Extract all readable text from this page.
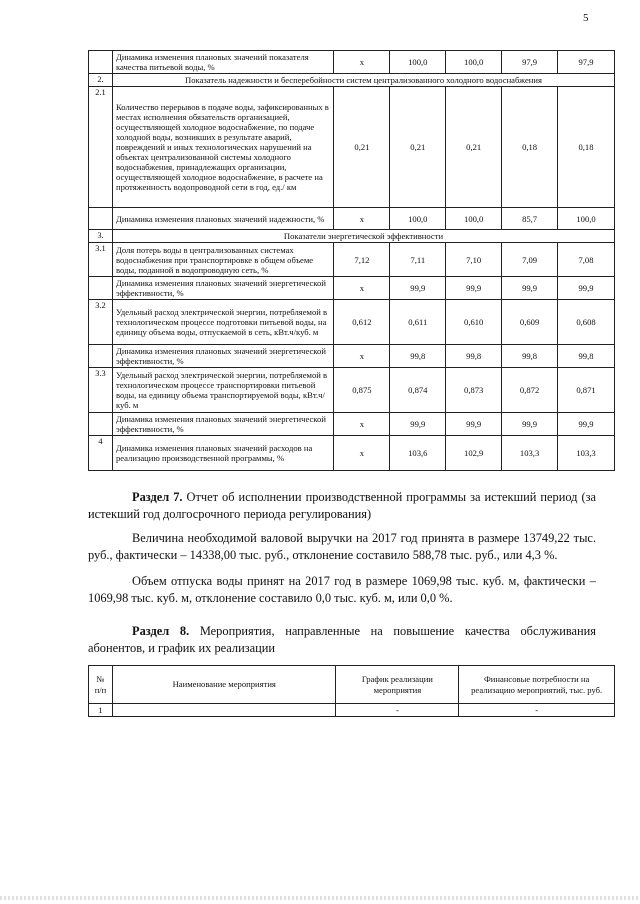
5
	Динамика изменения плановых значений показателя качества питьевой воды, %	х	100,0	100,0	97,9	97,9
2.	Показатель надежности и бесперебойности систем централизованного холодного водоснабжения					
2.1	Количество перерывов в подаче воды, зафиксированных в местах исполнения обязательств организацией, осуществляющей холодное водоснабжение, по подаче холодной воды, возникших в результате аварий, повреждений и иных технологических нарушений на объектах централизованной системы холодного водоснабжения, принадлежащих организации, осуществляющей холодное водоснабжение, в расчете на протяженность водопроводной сети в год, ед./ км	0,21	0,21	0,21	0,18	0,18
	Динамика изменения плановых значений надежности, %	х	100,0	100,0	85,7	100,0
3.	Показатели энергетической эффективности					
3.1	Доля потерь воды в централизованных системах водоснабжения при транспортировке в общем объеме воды, поданной в водопроводную сеть, %	7,12	7,11	7,10	7,09	7,08
	Динамика изменения плановых значений энергетической эффективности, %	х	99,9	99,9	99,9	99,9
3.2	Удельный расход электрической энергии, потребляемой в технологическом процессе подготовки питьевой воды, на единицу объема воды, отпускаемой в сеть, кВт.ч/куб. м	0,612	0,611	0,610	0,609	0,608
	Динамика изменения плановых значений энергетической эффективности, %	х	99,8	99,8	99,8	99,8
3.3	Удельный расход электрической энергии, потребляемой в технологическом процессе транспортировки питьевой воды, на единицу объема транспортируемой воды, кВт.ч/куб. м	0,875	0,874	0,873	0,872	0,871
	Динамика изменения плановых значений энергетической эффективности, %	х	99,9	99,9	99,9	99,9
4	Динамика изменения плановых значений расходов на реализацию производственной программы, %	х	103,6	102,9	103,3	103,3
Раздел 7. Отчет об исполнении производственной программы за истекший период (за истекший год долгосрочного периода регулирования)
Величина необходимой валовой выручки на 2017 год принята в размере 13749,22 тыс. руб., фактически – 14338,00 тыс. руб., отклонение составило 588,78 тыс. руб., или 4,3 %.
Объем отпуска воды принят на 2017 год в размере 1069,98 тыс. куб. м, фактически – 1069,98 тыс. куб. м, отклонение составило 0,0 тыс. куб. м, или 0,0 %.
Раздел 8. Мероприятия, направленные на повышение качества обслуживания абонентов, и график их реализации
№ п/п	Наименование мероприятия	График реализации мероприятия	Финансовые потребности на реализацию мероприятий, тыс. руб.
1		-	-
